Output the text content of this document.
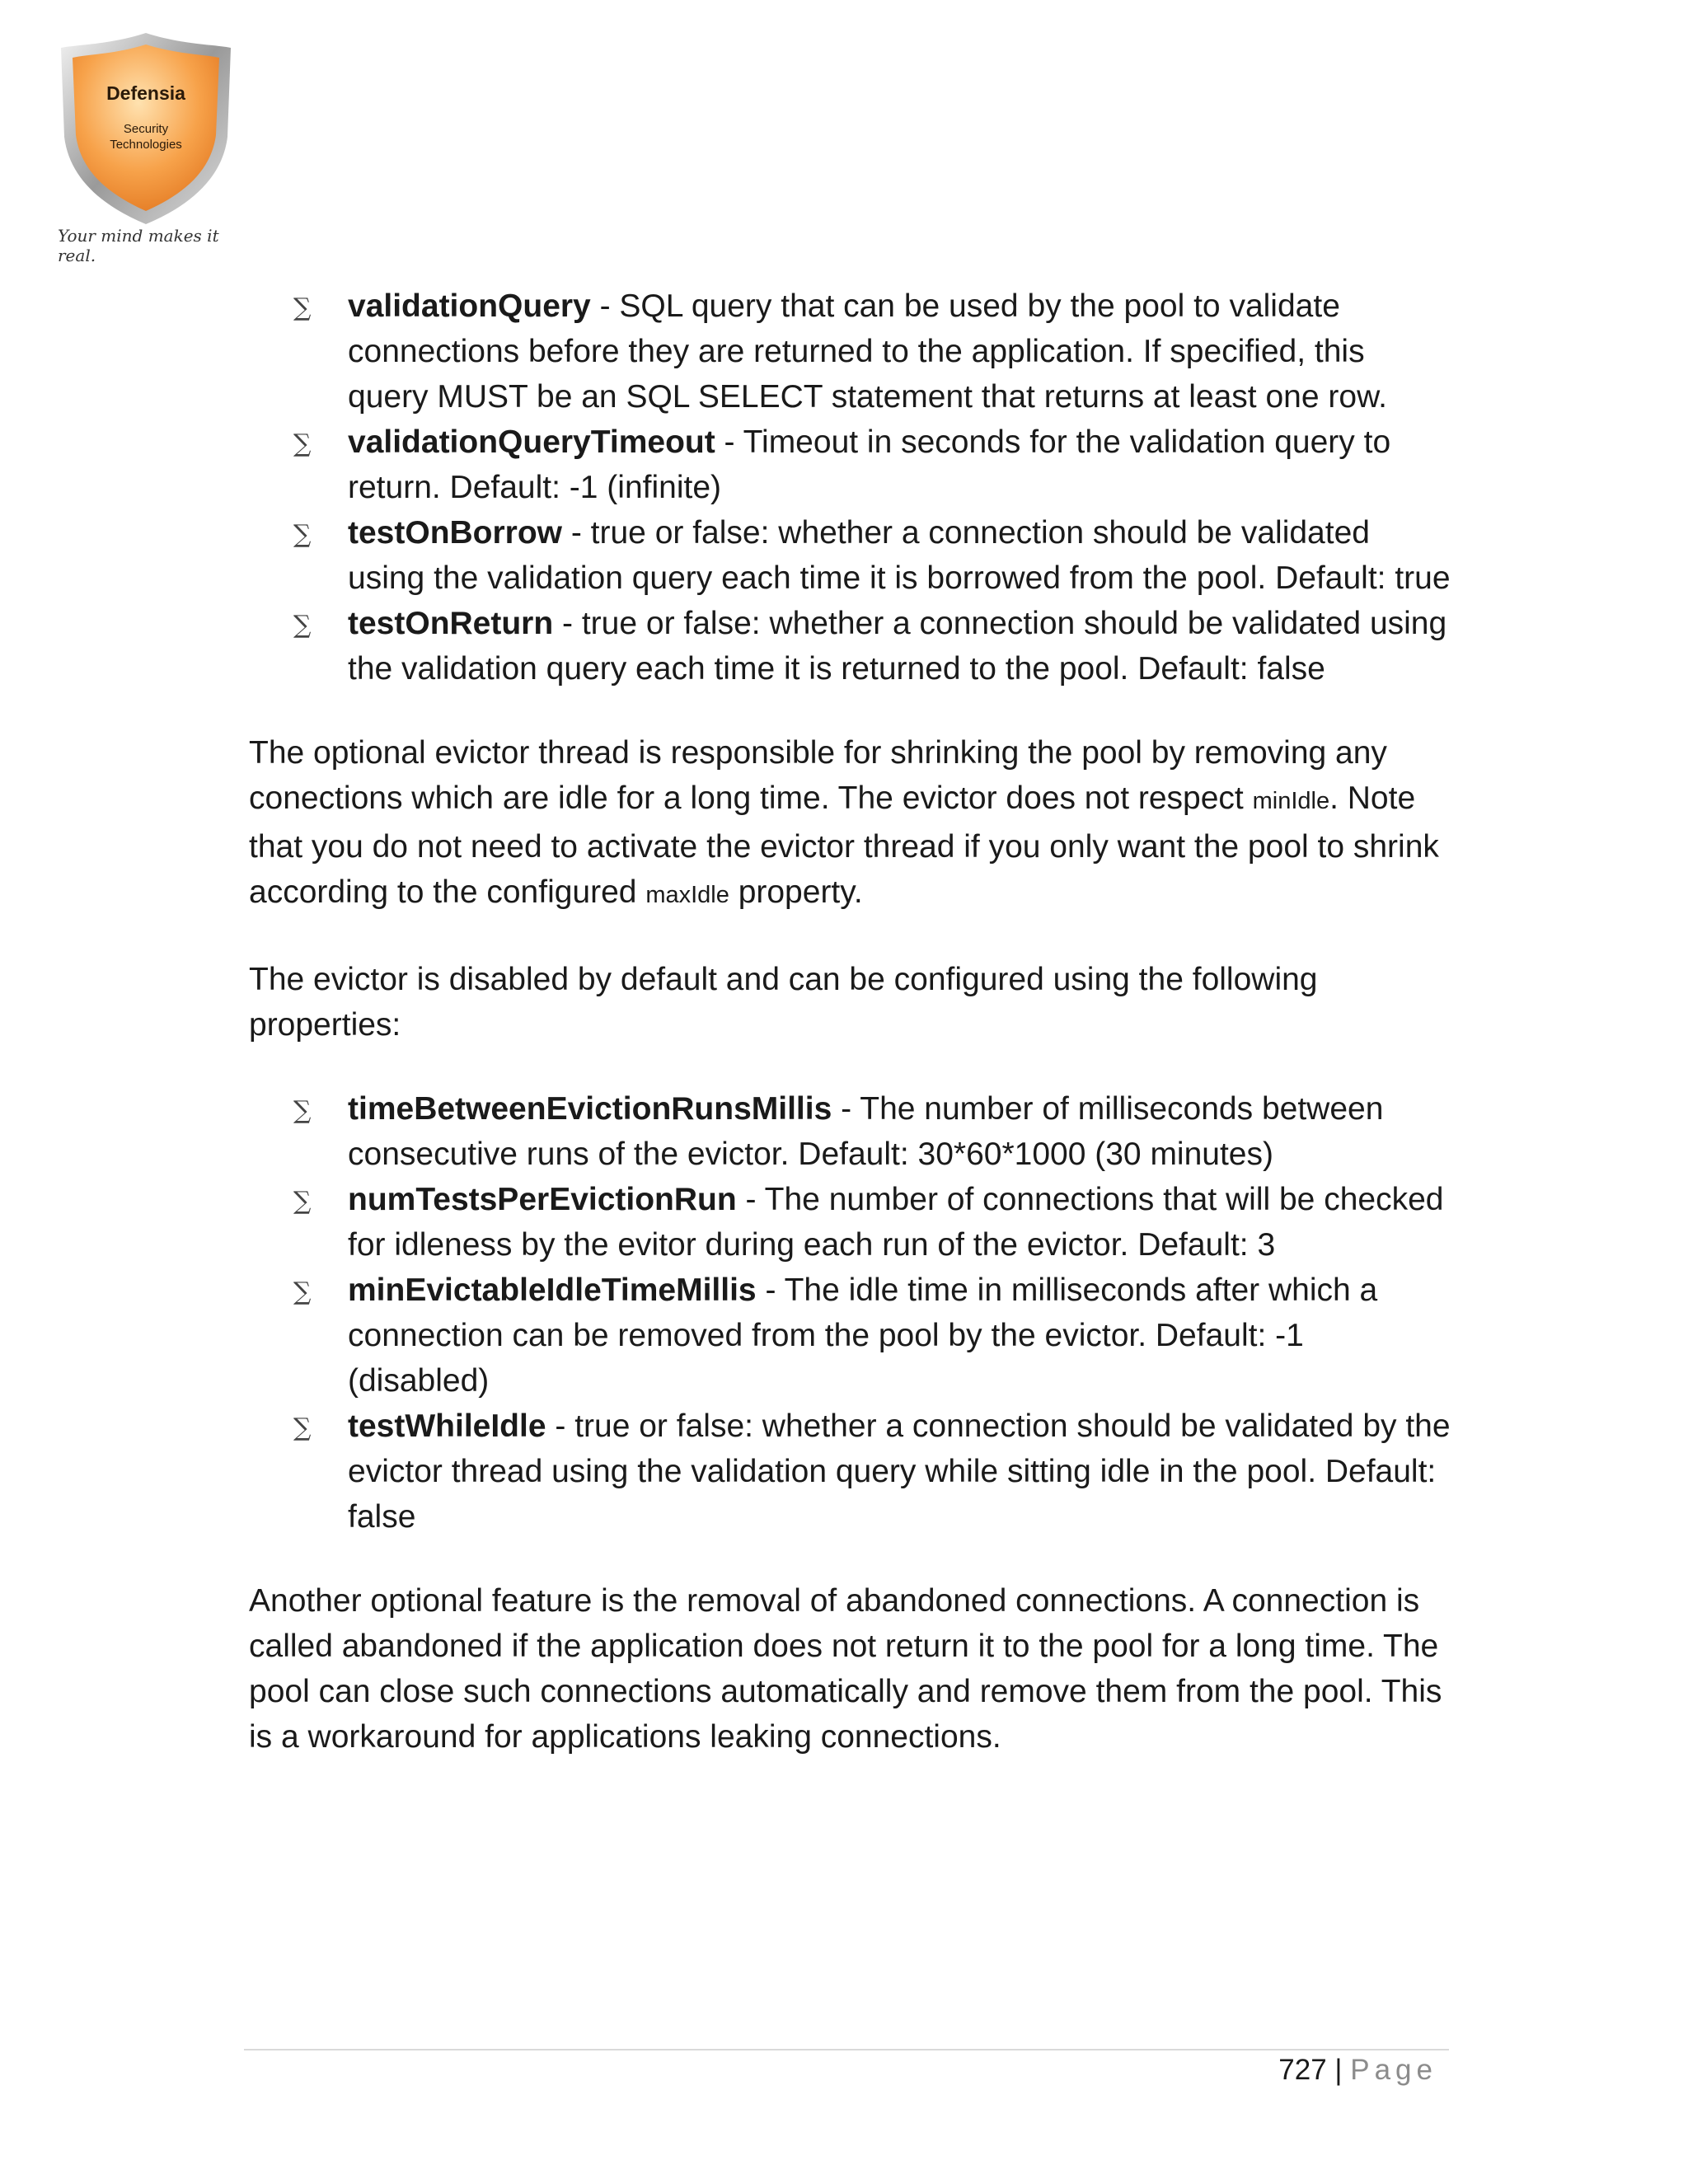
Defensia
Security
Technologies
Your mind makes it real.
∑ validationQuery - SQL query that can be used by the pool to validate connections before they are returned to the application. If specified, this query MUST be an SQL SELECT statement that returns at least one row.
∑ validationQueryTimeout - Timeout in seconds for the validation query to return. Default: -1 (infinite)
∑ testOnBorrow - true or false: whether a connection should be validated using the validation query each time it is borrowed from the pool. Default: true
∑ testOnReturn - true or false: whether a connection should be validated using the validation query each time it is returned to the pool. Default: false

The optional evictor thread is responsible for shrinking the pool by removing any conections which are idle for a long time. The evictor does not respect minIdle. Note that you do not need to activate the evictor thread if you only want the pool to shrink according to the configured maxIdle property.

The evictor is disabled by default and can be configured using the following properties:

∑ timeBetweenEvictionRunsMillis - The number of milliseconds between consecutive runs of the evictor. Default: 30*60*1000 (30 minutes)
∑ numTestsPerEvictionRun - The number of connections that will be checked for idleness by the evitor during each run of the evictor. Default: 3
∑ minEvictableIdleTimeMillis - The idle time in milliseconds after which a connection can be removed from the pool by the evictor. Default: -1 (disabled)
∑ testWhileIdle - true or false: whether a connection should be validated by the evictor thread using the validation query while sitting idle in the pool. Default: false

Another optional feature is the removal of abandoned connections. A connection is called abandoned if the application does not return it to the pool for a long time. The pool can close such connections automatically and remove them from the pool. This is a workaround for applications leaking connections.

727 | Page
